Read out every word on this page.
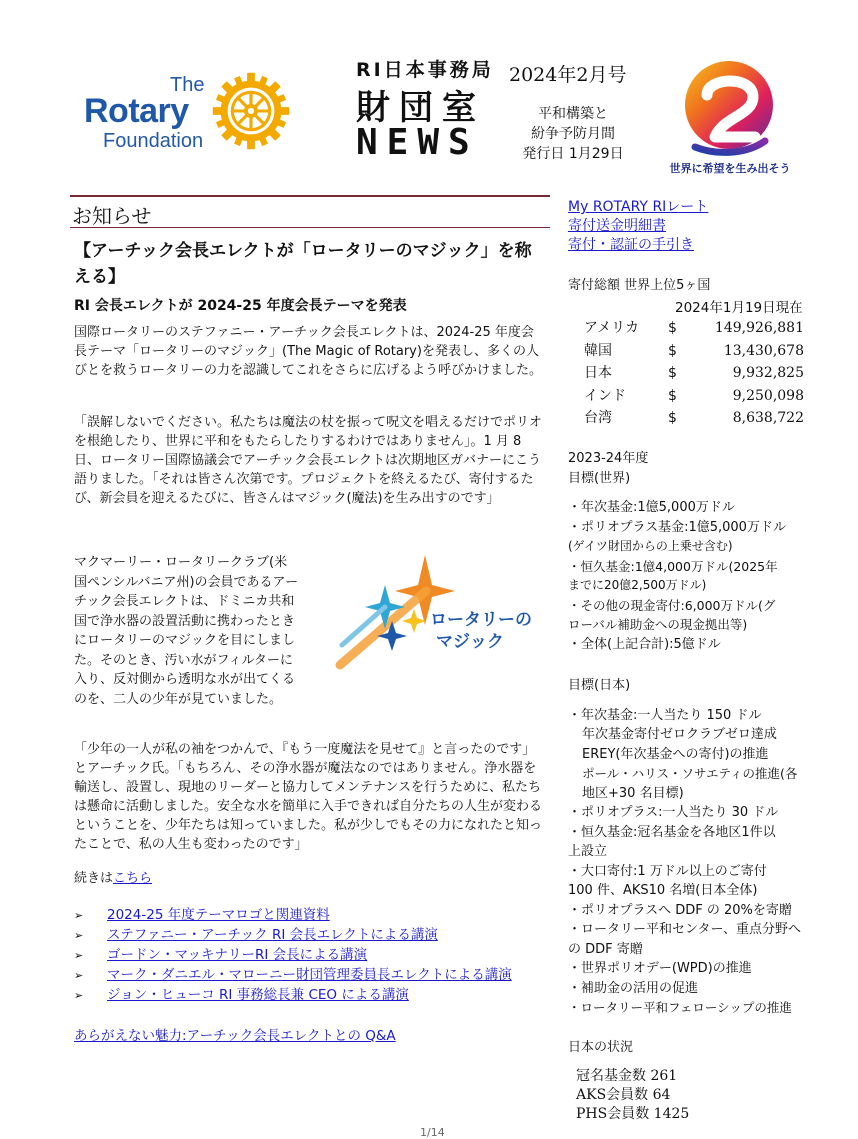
The
Rotary
Foundation
RI日本事務局
財団室
NEWS
2024年2月号
平和構築と
紛争予防月間
発行日 1月29日
世界に希望を生み出そう
お知らせ
【アーチック会長エレクトが「ロータリーのマジック」を称える】
RI 会長エレクトが 2024-25 年度会長テーマを発表
国際ロータリーのステファニー・アーチック会長エレクトは、2024-25 年度会長テーマ「ロータリーのマジック」(The Magic of Rotary)を発表し、多くの人びとを救うロータリーの力を認識してこれをさらに広げるよう呼びかけました。
「誤解しないでください。私たちは魔法の杖を振って呪文を唱えるだけでポリオを根絶したり、世界に平和をもたらしたりするわけではありません」。1 月 8 日、ロータリー国際協議会でアーチック会長エレクトは次期地区ガバナーにこう語りました。「それは皆さん次第です。プロジェクトを終えるたび、寄付するたび、新会員を迎えるたびに、皆さんはマジック(魔法)を生み出すのです」
マクマーリー・ロータリークラブ(米国ペンシルバニア州)の会員であるアーチック会長エレクトは、ドミニカ共和国で浄水器の設置活動に携わったときにロータリーのマジックを目にしました。そのとき、汚い水がフィルターに入り、反対側から透明な水が出てくるのを、二人の少年が見ていました。
ロータリーの
マジック
「少年の一人が私の袖をつかんで、『もう一度魔法を見せて』と言ったのです」とアーチック氏。「もちろん、その浄水器が魔法なのではありません。浄水器を輸送し、設置し、現地のリーダーと協力してメンテナンスを行うために、私たちは懸命に活動しました。安全な水を簡単に入手できれば自分たちの人生が変わるということを、少年たちは知っていました。私が少しでもその力になれたと知ったことで、私の人生も変わったのです」
続きはこちら
➢ 2024-25 年度テーマロゴと関連資料
➢ ステファニー・アーチック RI 会長エレクトによる講演
➢ ゴードン・マッキナリーRI 会長による講演
➢ マーク・ダニエル・マローニー財団管理委員長エレクトによる講演
➢ ジョン・ヒューコ RI 事務総長兼 CEO による講演
あらがえない魅力:アーチック会長エレクトとの Q&A
1/14
My ROTARY RIレート
寄付送金明細書
寄付・認証の手引き
寄付総額 世界上位5ヶ国
2024年1月19日現在
アメリカ $	149,926,881
韓国	$	13,430,678
日本	$	9,932,825
インド	$	9,250,098
台湾	$	8,638,722
2023-24年度
目標(世界)
・年次基金:1億5,000万ドル
・ポリオプラス基金:1億5,000万ドル
(ゲイツ財団からの上乗せ含む)
・恒久基金:1億4,000万ドル(2025年
までに20億2,500万ドル)
・その他の現金寄付:6,000万ドル(グ
ローバル補助金への現金拠出等)
・全体(上記合計):5億ドル
目標(日本)
・年次基金:一人当たり 150 ドル
年次基金寄付ゼロクラブゼロ達成
EREY(年次基金への寄付)の推進
ポール・ハリス・ソサエティの推進(各
地区+30 名目標)
・ポリオプラス:一人当たり 30 ドル
・恒久基金:冠名基金を各地区1件以
上設立
・大口寄付:1 万ドル以上のご寄付
100 件、AKS10 名増(日本全体)
・ポリオプラスへ DDF の 20%を寄贈
・ロータリー平和センター、重点分野へ
の DDF 寄贈
・世界ポリオデー(WPD)の推進
・補助金の活用の促進
・ロータリー平和フェローシップの推進
日本の状況
冠名基金数 261
AKS会員数 64
PHS会員数 1425
